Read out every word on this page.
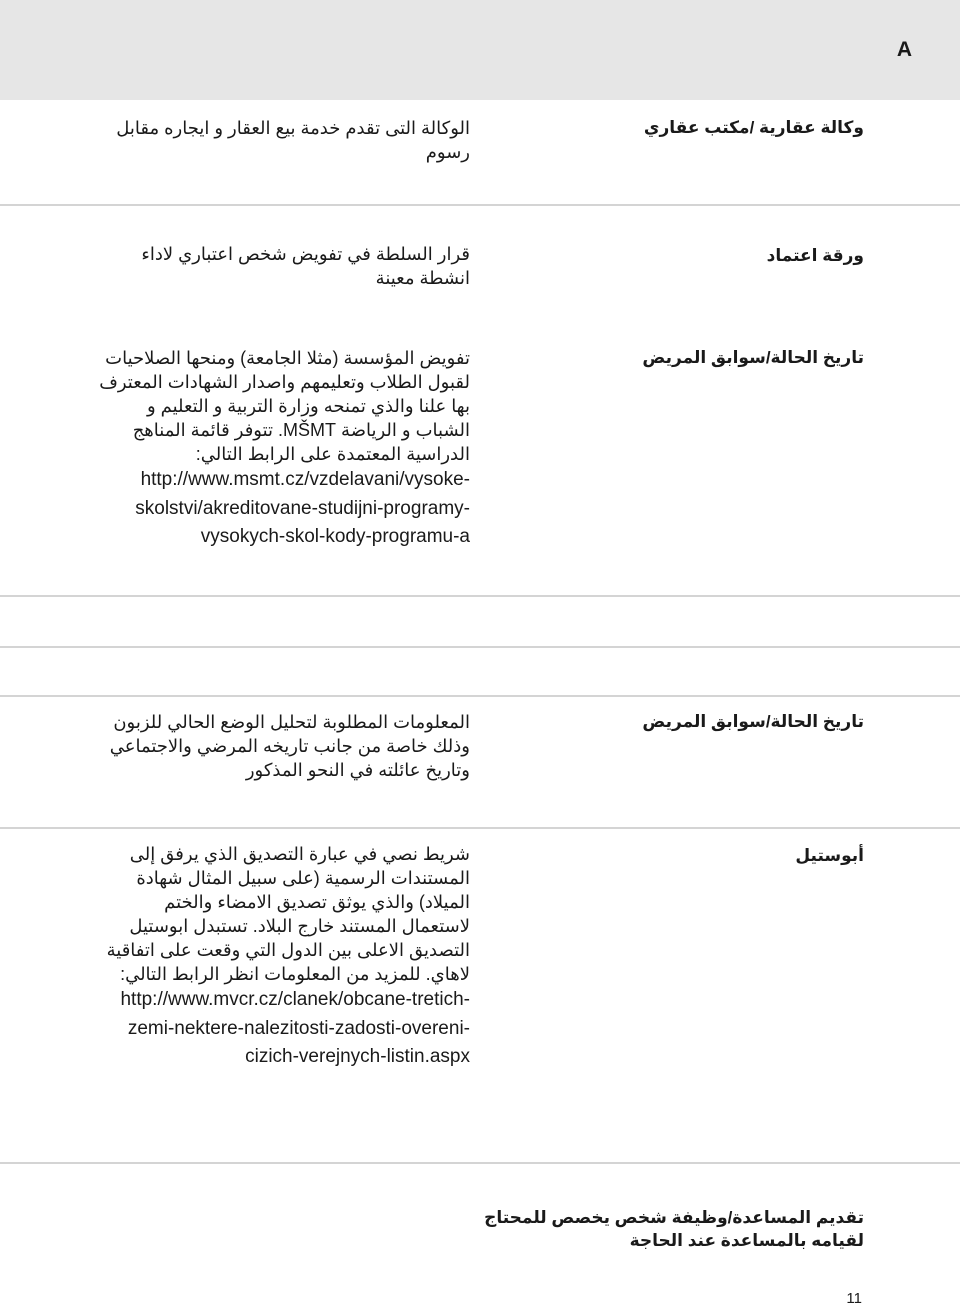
A
وكالة عقارية /مكتب عقاري
الوكالة التى تقدم خدمة بيع العقار و ايجاره مقابل رسوم
ورقة اعتماد
قرار السلطة في تفويض شخص اعتباري لاداء انشطة معينة
تاريخ الحالة/سوابق المريض
تفويض المؤسسة (مثلا الجامعة) ومنحها الصلاحيات لقبول الطلاب وتعليمهم واصدار الشهادات المعترف بها علنا والذي تمنحه وزارة التربية و التعليم و الشباب و الرياضة MŠMT. تتوفر قائمة المناهج الدراسية المعتمدة على الرابط التالي:
http://www.msmt.cz/vzdelavani/vysoke-skolstvi/akreditovane-studijni-programy-vysokych-skol-kody-programu-a
تاريخ الحالة/سوابق المريض
المعلومات المطلوبة لتحليل الوضع الحالي للزبون وذلك خاصة من جانب تاريخه المرضي والاجتماعي وتاريخ عائلته في النحو المذكور
أبوستيل
شريط نصي في عبارة التصديق الذي يرفق إلى المستندات الرسمية (على سبيل المثال شهادة الميلاد) والذي يوثق تصديق الامضاء والختم لاستعمال المستند خارج البلاد. تستبدل ابوستيل التصديق الاعلى بين الدول التي وقعت على اتفاقية لاهاي. للمزيد من المعلومات انظر الرابط التالي:
http://www.mvcr.cz/clanek/obcane-tretich-zemi-nektere-nalezitosti-zadosti-overeni-cizich-verejnych-listin.aspx
تقديم المساعدة/وظيفة شخص يخصص للمحتاج لقيامه بالمساعدة عند الحاجة
11
